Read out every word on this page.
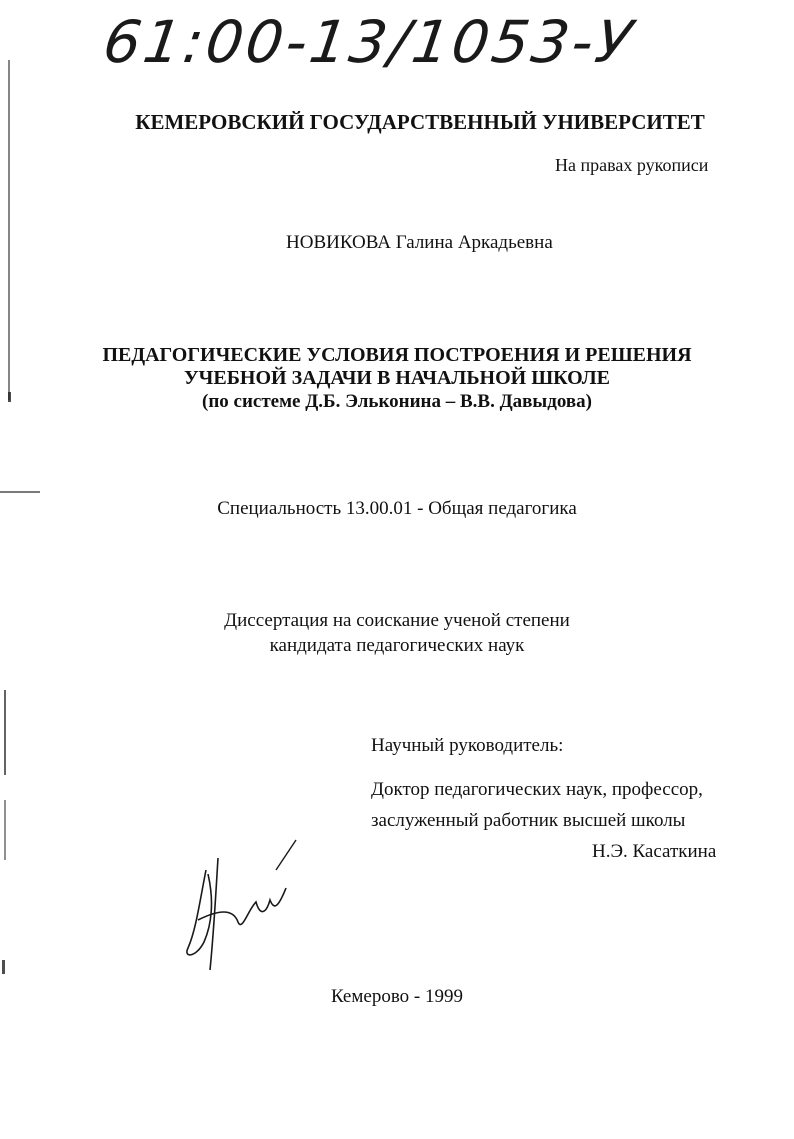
61:00-13/1053-У
КЕМЕРОВСКИЙ ГОСУДАРСТВЕННЫЙ УНИВЕРСИТЕТ
На правах рукописи
НОВИКОВА Галина Аркадьевна
ПЕДАГОГИЧЕСКИЕ УСЛОВИЯ ПОСТРОЕНИЯ И РЕШЕНИЯ
УЧЕБНОЙ ЗАДАЧИ В НАЧАЛЬНОЙ ШКОЛЕ
(по системе Д.Б. Эльконина – В.В. Давыдова)
Специальность 13.00.01 - Общая педагогика
Диссертация на соискание ученой степени
кандидата педагогических наук
Научный руководитель:
Доктор педагогических наук, профессор,
заслуженный работник высшей школы
Н.Э. Касаткина
Кемерово - 1999
